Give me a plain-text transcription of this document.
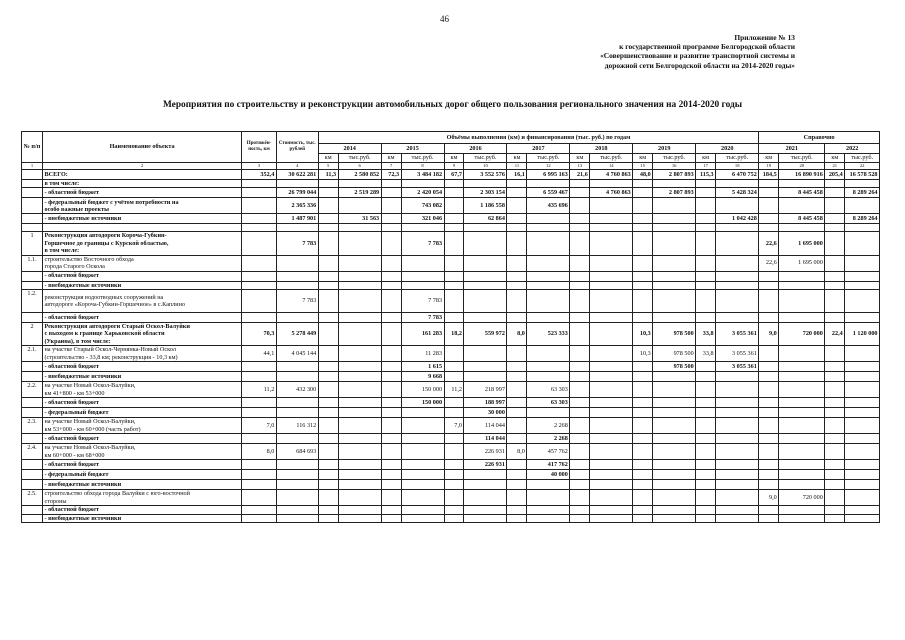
46
Приложение № 13
к государственной программе Белгородской области
«Совершенствование и развитие транспортной системы и
дорожной сети Белгородской области на 2014-2020 годы»
Мероприятия по строительству и реконструкции автомобильных дорог общего пользования регионального значения на 2014-2020 годы
№ п/п	Наименование объекта	Протяжён-ность, км	Стоимость, тыс. рублей	Объёмы выполнения (км) и финансирования (тыс. руб.) по годам														Справочно			
				2014		2015		2016		2017		2018		2019		2020		2021		2022	
				км	тыс.руб.	км	тыс.руб.	км	тыс.руб.	км	тыс.руб.	км	тыс.руб.	км	тыс.руб.	км	тыс.руб.	км	тыс.руб.	км	тыс.руб.
1	2	3	4	5	6	7	8	9	10	11	12	13	14	15	16	17	18	19	20	21	22
	ВСЕГО:	352,4	30 622 281	11,3	2 580 852	72,3	3 484 182	67,7	3 552 576	16,1	6 995 163	21,6	4 760 863	48,0	2 807 893	115,3	6 470 752	184,5	16 890 916	205,4	16 578 528
	в том числе:																				
	- областной бюджет		26 799 044		2 519 289		2 420 054		2 303 154		6 559 467		4 760 863		2 807 893		5 428 324		8 445 458		8 289 264

	- федеральный бюджет с учётом потребности на
особо важные проекты		2 365 336				743 082		1 186 558		435 696										
	- внебюджетные источники		1 487 901		31 563		321 046		62 864								1 042 428		8 445 458		8 289 264

1	Реконструкция автодороги Короча-Губкин-
Горшечное до границы с Курской областью,
в том числе:		7 783				7 783											22,6	1 695 000		
1.1.	строительство Восточного обхода
города Старого Оскола																	22,6	1 695 000		
	- областной бюджет																				
	- внебюджетные источники																				
1.2.	реконструкция водоотводных сооружений на
автодороге «Короча-Губкин-Горшечное» в с.Каплино		7 783				7 783														
	- областной бюджет						7 783														
2	Реконструкция автодороги Старый Оскол-Валуйки
с выходом к границе Харьковской области
(Украина), в том числе:	70,3	5 278 449				161 283	18,2	559 972	8,0	523 333			10,3	978 500	33,8	3 055 361	9,0	720 000	22,4	1 120 000
2.1.	на участке Старый Оскол-Чернянка-Новый Оскол
(строительство - 33,8 км; реконструкция - 10,3 км)	44,1	4 045 144				11 283							10,3	978 500	33,8	3 055 361				
	- областной бюджет						1 615								978 500		3 055 361				
	- внебюджетные источники						9 668														
2.2.	на участке Новый Оскол-Валуйки,
км 41+800 - км 53+000	11,2	432 300				150 000	11,2	218 997		63 303										
	- областной бюджет						150 000		188 997		63 303										
	- федеральный бюджет								30 000												
2.3.	на участке Новый Оскол-Валуйки,
км 53+000 - км 60+000 (часть работ)	7,0	116 312					7,0	114 044		2 268										
	- областной бюджет								114 044		2 268										
2.4.	на участке Новый Оскол-Валуйки,
км 60+000 - км 68+000	8,0	684 693						226 931	8,0	457 762										
	- областной бюджет								226 931		417 762										
	- федеральный бюджет										40 000										
	- внебюджетные источники																				
2.5.	строительство обхода города Валуйки с юго-восточной
стороны																	9,0	720 000		
	- областной бюджет																				
	- внебюджетные источники																				
